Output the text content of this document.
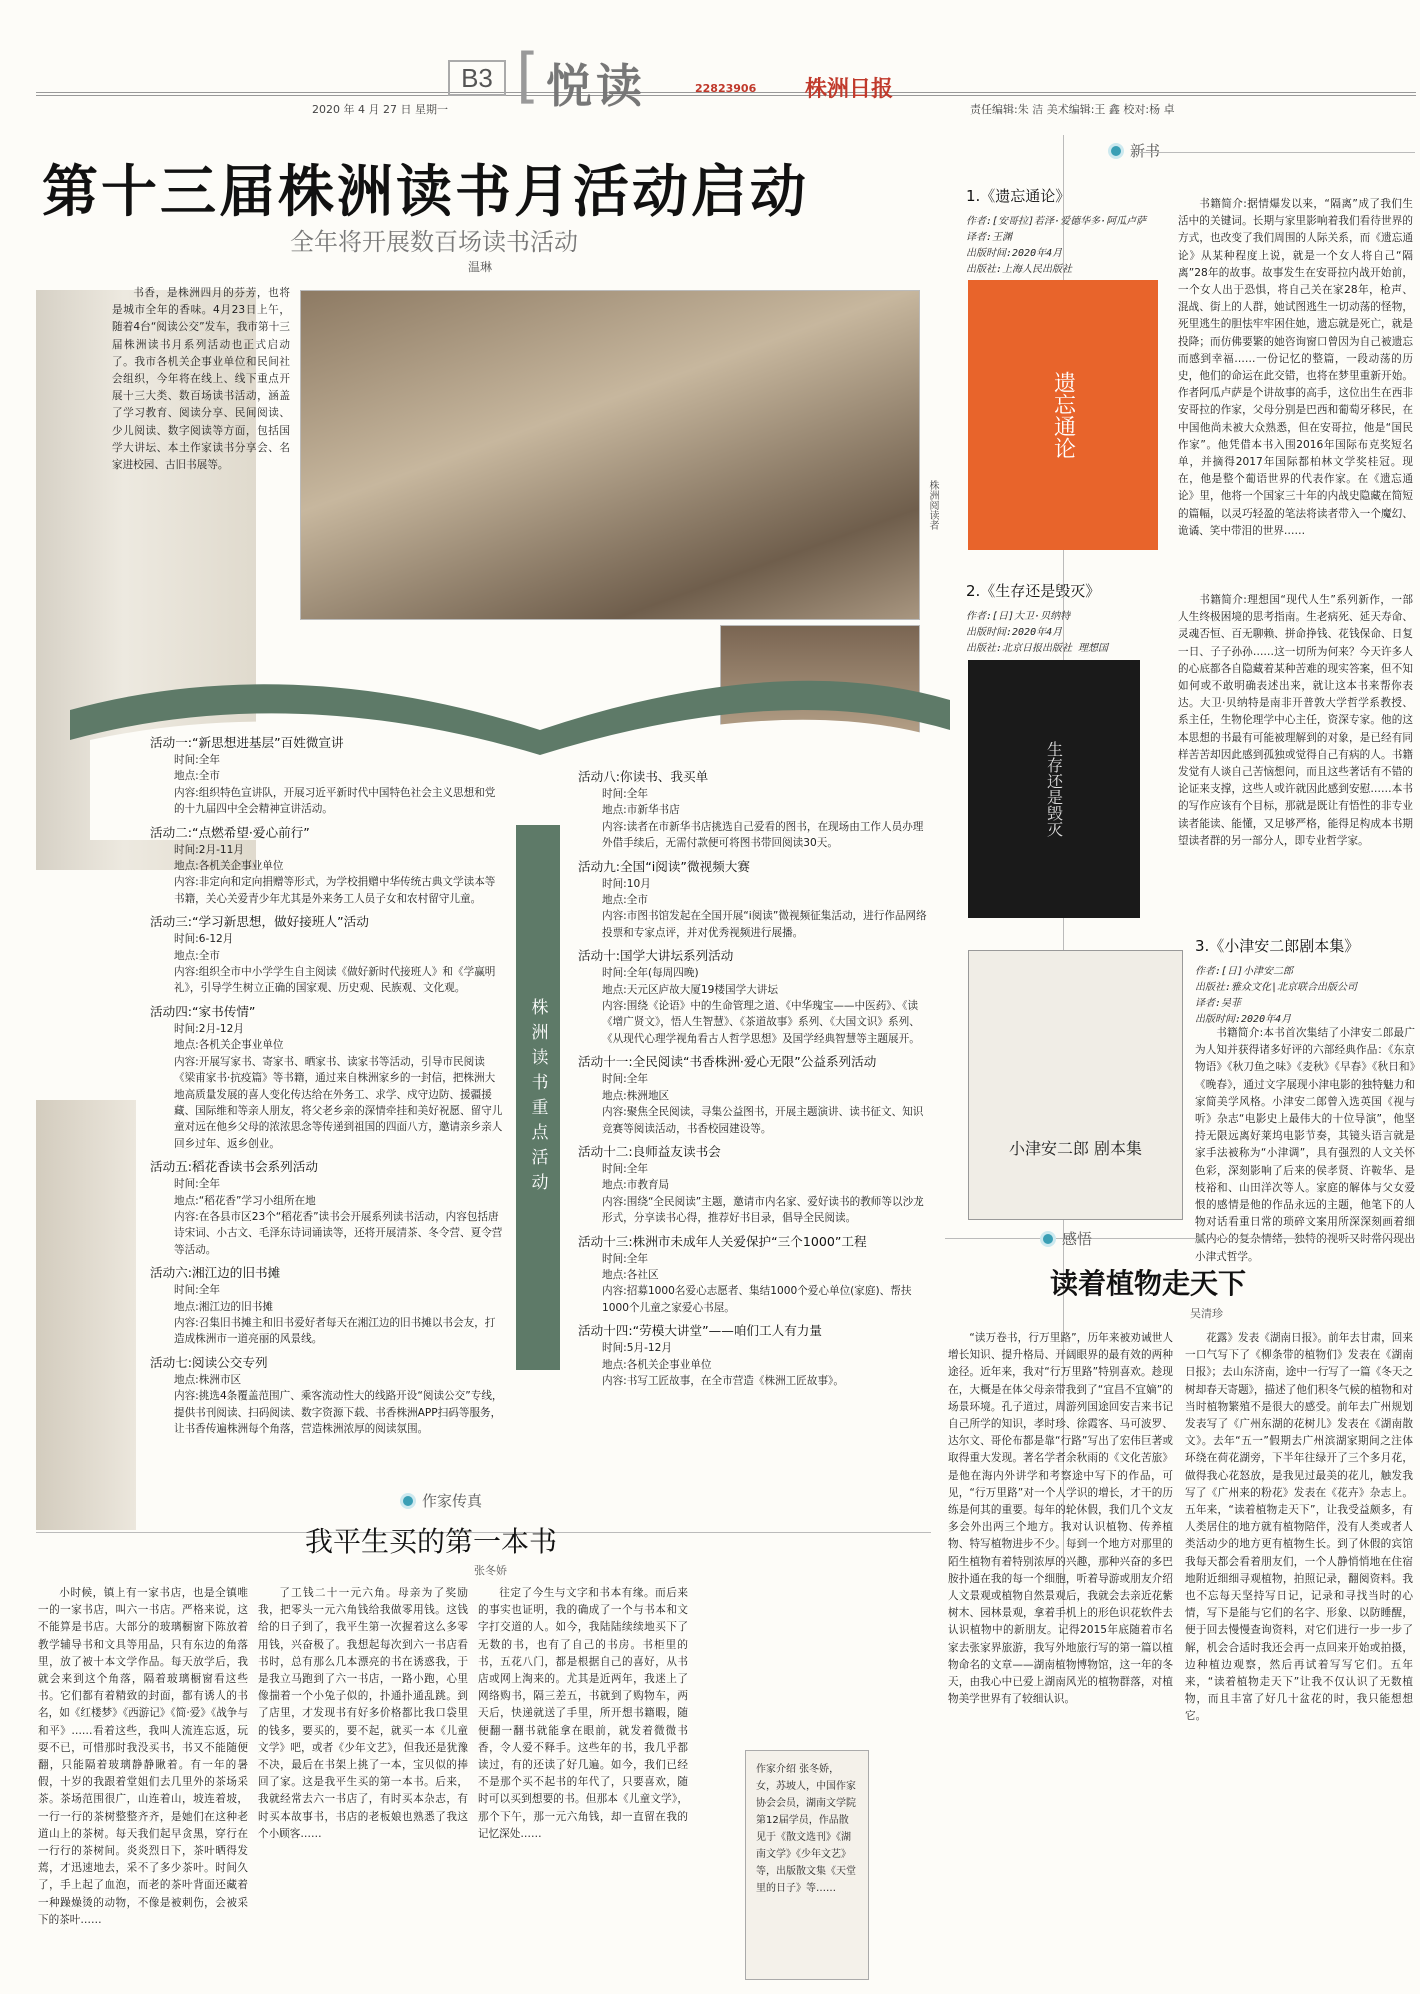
B3 [ 悦读	22823906 株洲日报
2020 年 4 月 27 日 星期一	责任编辑:朱 洁 美术编辑:王 鑫 校对:杨 卓
第十三届株洲读书月活动启动
全年将开展数百场读书活动
温琳

书香，是株洲四月的芬芳，也将是城市全年的香味。4月23日上午，随着4台“阅读公交”发车，我市第十三届株洲读书月系列活动也正式启动了。我市各机关企事业单位和民间社会组织，今年将在线上、线下重点开展十三大类、数百场读书活动，涵盖了学习教育、阅读分享、民间阅读、少儿阅读、数字阅读等方面，包括国学大讲坛、本土作家读书分享会、名家进校园、古旧书展等。

株洲阅读者
株洲读书重点活动
活动一:“新思想进基层”百姓微宣讲
时间:全年
地点:全市
内容:组织特色宣讲队，开展习近平新时代中国特色社会主义思想和党的十九届四中全会精神宣讲活动。
活动二:“点燃希望·爱心前行”
时间:2月-11月
地点:各机关企事业单位
内容:非定向和定向捐赠等形式，为学校捐赠中华传统古典文学读本等书籍，关心关爱青少年尤其是外来务工人员子女和农村留守儿童。
活动三:“学习新思想，做好接班人”活动
时间:6-12月
地点:全市
内容:组织全市中小学学生自主阅读《做好新时代接班人》和《学赢明礼》，引导学生树立正确的国家观、历史观、民族观、文化观。
活动四:“家书传情”
时间:2月-12月
地点:各机关企事业单位
内容:开展写家书、寄家书、晒家书、读家书等活动，引导市民阅读《梁甫家书·抗疫篇》等书籍，通过来自株洲家乡的一封信，把株洲大地高质量发展的喜人变化传达给在外务工、求学、戍守边防、援疆援藏、国际维和等亲人朋友，将父老乡亲的深情牵挂和美好祝愿、留守儿童对远在他乡父母的浓浓思念等传递到祖国的四面八方，邀请亲乡亲人回乡过年、返乡创业。
活动五:稻花香读书会系列活动
时间:全年
地点:“稻花香”学习小组所在地
内容:在各县市区23个“稻花香”读书会开展系列读书活动，内容包括唐诗宋词、小古文、毛泽东诗词诵读等，还将开展清茶、冬令营、夏令营等活动。
活动六:湘江边的旧书摊
时间:全年
地点:湘江边的旧书摊
内容:召集旧书摊主和旧书爱好者每天在湘江边的旧书摊以书会友，打造成株洲市一道亮丽的风景线。
活动七:阅读公交专列
地点:株洲市区
内容:挑选4条覆盖范围广、乘客流动性大的线路开设“阅读公交”专线，提供书刊阅读、扫码阅读、数字资源下载、书香株洲APP扫码等服务，让书香传遍株洲每个角落，营造株洲浓厚的阅读氛围。
活动八:你读书、我买单
时间:全年
地点:市新华书店
内容:读者在市新华书店挑选自己爱看的图书，在现场由工作人员办理外借手续后，无需付款便可将图书带回阅读30天。
活动九:全国“i阅读”微视频大赛
时间:10月
地点:全市
内容:市图书馆发起在全国开展“i阅读”微视频征集活动，进行作品网络投票和专家点评，并对优秀视频进行展播。
活动十:国学大讲坛系列活动
时间:全年(每周四晚)
地点:天元区庐故大厦19楼国学大讲坛
内容:围绕《论语》中的生命管理之道、《中华瑰宝——中医药》、《读《增广贤文》，悟人生智慧》、《茶道故事》系列、《大国文识》系列、《从现代心理学视角看古人哲学思想》及国学经典智慧等主题展开。
活动十一:全民阅读“书香株洲·爱心无限”公益系列活动
时间:全年
地点:株洲地区
内容:聚焦全民阅读，寻集公益图书，开展主题演讲、读书征文、知识竞赛等阅读活动，书香校园建设等。
活动十二:良师益友读书会
时间:全年
地点:市教育局
内容:围绕“全民阅读”主题，邀请市内名家、爱好读书的教师等以沙龙形式，分享读书心得，推荐好书目录，倡导全民阅读。
活动十三:株洲市未成年人关爱保护“三个1000”工程
时间:全年
地点:各社区
内容:招募1000名爱心志愿者、集结1000个爱心单位(家庭)、帮扶1000个儿童之家爱心书屋。
活动十四:“劳模大讲堂”——咱们工人有力量
时间:5月-12月
地点:各机关企事业单位
内容:书写工匠故事，在全市营造《株洲工匠故事》。
新书
1.《遗忘通论》
作者:[安哥拉]若泽·爱德华多·阿瓜卢萨
译者:王渊
出版时间:2020年4月
出版社:上海人民出版社
遗忘通论

书籍简介:据情爆发以来，“隔离”成了我们生活中的关键词。长期与家里影响着我们看待世界的方式，也改变了我们周围的人际关系，而《遗忘通论》从某种程度上说，就是一个女人将自己“隔离”28年的故事。故事发生在安哥拉内战开始前，一个女人出于恐惧，将自己关在家28年，枪声、混战、街上的人群，她试图逃生一切动荡的怪物，死里逃生的胆怯牢牢困住她，遗忘就是死亡，就是投降；而仿佛要繁的她咨询窗口曾因为自己被遗忘而感到幸福……一份记忆的整篇，一段动荡的历史，他们的命运在此交错，也将在梦里重新开始。作者阿瓜卢萨是个讲故事的高手，这位出生在西非安哥拉的作家，父母分别是巴西和葡萄牙移民，在中国他尚未被大众熟悉，但在安哥拉，他是“国民作家”。他凭借本书入围2016年国际布克奖短名单，并摘得2017年国际都柏林文学奖桂冠。现在，他是整个葡语世界的代表作家。在《遗忘通论》里，他将一个国家三十年的内战史隐藏在简短的篇幅，以灵巧轻盈的笔法将读者带入一个魔幻、诡谲、笑中带泪的世界……

2.《生存还是毁灭》
作者:[日]大卫·贝纳特
出版时间:2020年4月
出版社:北京日报出版社 理想国
生存还是毁灭

书籍简介:理想国“现代人生”系列新作，一部人生终极困境的思考指南。生老病死、延天寿命、灵魂否恒、百无聊赖、拼命挣钱、花钱保命、日复一日、子子孙孙……这一切所为何来？今天许多人的心底都各自隐藏着某种苦难的现实答案，但不知如何或不敢明确表述出来，就让这本书来帮你表达。大卫·贝纳特是南非开普敦大学哲学系教授、系主任，生物伦理学中心主任，资深专家。他的这本思想的书最有可能被理解到的对象，是已经有同样苦苦却因此感到孤独或觉得自己有病的人。书籍发觉有人谈自己苦恼想问，而且这些著话有不错的论证来支撑，这些人或许就因此感到安慰……本书的写作应该有个目标，那就是既让有悟性的非专业读者能读、能懂，又足够严格，能得足构成本书期望读者群的另一部分人，即专业哲学家。

3.《小津安二郎剧本集》
作者:[日]小津安二郎
出版社:雅众文化|北京联合出版公司
译者:吴菲
出版时间:2020年4月
小津安二郎 剧本集

书籍简介:本书首次集结了小津安二郎最广为人知并获得诸多好评的六部经典作品：《东京物语》《秋刀鱼之味》《麦秋》《早春》《秋日和》《晚春》，通过文字展现小津电影的独特魅力和家简美学风格。小津安二郎曾入选英国《视与听》杂志“电影史上最伟大的十位导演”，他坚持无限远离好莱坞电影节奏，其镜头语言就是家手法被称为“小津调”，具有强烈的人文关怀色彩，深刻影响了后来的侯孝贤、许鞍华、是枝裕和、山田洋次等人。家庭的解体与父女爱恨的感情是他的作品永远的主题，他笔下的人物对话看重日常的琐碎文案用所深深刻画着细腻内心的复杂情绪，独特的视听又时常闪现出小津式哲学。

感悟
读着植物走天下
吴清珍

“读万卷书，行万里路”，历年来被劝诫世人增长知识、提升格局、开阔眼界的最有效的两种途径。近年来，我对“行万里路”特别喜欢。趁现在，大概是在体父母亲带我到了“宜昌不宜嫡”的场景环境。孔子道过，周游列国途回安吉来书记自己所学的知识，孝时珍、徐霞客、马可波罗、达尔文、哥伦布都是靠“行路”写出了宏伟巨著或取得重大发现。著名学者余秋雨的《文化苦旅》是他在海内外讲学和考察途中写下的作品，可见，“行万里路”对一个人学识的增长，才干的历练是何其的重要。每年的轮休假，我们几个文友多会外出两三个地方。我对认识植物、传养植物、特写植物进步不少。每到一个地方对那里的陌生植物有着特别浓厚的兴趣，那种兴奋的多巴胺扑通在我的每一个细胞，听着导游或朋友介绍人文景观或植物自然景观后，我就会去亲近花紫树木、园林景观，拿着手机上的形色识花软件去认识植物中的新朋友。记得2015年底随着市名家去张家界旅游，我写外地旅行写的第一篇以植物命名的文章——湖南植物博物馆，这一年的冬天，由我心中已爱上湖南风光的植物群落，对植物美学世界有了较细认识。

花露》发表《湖南日报》。前年去甘肃，回来一口气写下了《柳条带的植物们》发表在《湖南日报》；去山东济南，途中一行写了一篇《冬天之树却春天寄题》，描述了他们积冬气候的植物和对当时植物繁殖不是很大的感受。前年去广州规划发表写了《广州东湖的花树儿》发表在《湖南散文》。去年“五一”假期去广州滨湖家期间之注体环绕在荷花湖旁，下半年往绿开了三个多月花，做得我心花怒放，是我见过最美的花儿，触发我写了《广州来的粉花》发表在《花卉》杂志上。五年来，“读着植物走天下”，让我受益颇多，有人类居住的地方就有植物陪伴，没有人类或者人类活动少的地方更有植物生长。到了休假的宾馆我每天都会看着朋友们，一个人静悄悄地在住宿地附近细细寻观植物，拍照记录，翻阅资料。我也不忘每天坚持写日记，记录和寻找当时的心情，写下是能与它们的名字、形象、以防睡醒，便于回去慢慢查询资料，对它们进行一步一步了解，机会合适时我还会再一点回来开始或拍摄，边种植边观察，然后再试着写写它们。五年来，“读着植物走天下”让我不仅认识了无数植物，而且丰富了好几十盆花的时，我只能想想它。

作家传真
我平生买的第一本书
张冬娇

小时候，镇上有一家书店，也是全镇唯一的一家书店，叫六一书店。严格来说，这不能算是书店。大部分的玻璃橱窗下陈放着教学辅导书和文具等用品，只有东边的角落里，放了被十本文学作品。每天放学后，我就会来到这个角落，隔着玻璃橱窗看这些书。它们都有着精致的封面，都有诱人的书名，如《红楼梦》《西游记》《简·爱》《战争与和平》……看着这些，我叫人流连忘返，玩耍不已，可惜那时我没买书，书又不能随便翻，只能隔着玻璃静静瞅着。有一年的暑假，十岁的我跟着堂姐们去几里外的茶场采茶。茶场范围很广，山连着山，坡连着坡，一行一行的茶树整整齐齐，是她们在这种老道山上的茶树。每天我们起早贪黑，穿行在一行行的茶树间。炎炎烈日下，茶叶晒得发蔫，才迅速地去，采不了多少茶叶。时间久了，手上起了血泡，而老的茶叶背面还藏着一种躁燥烫的动物，不像是被刺伤，会被采下的茶叶……

了工钱二十一元六角。母亲为了奖励我，把零头一元六角钱给我做零用钱。这钱给的日子到了，我平生第一次握着这么多零用钱，兴奋极了。我想起每次到六一书店看书时，总有那么几本漂亮的书在诱惑我，于是我立马跑到了六一书店，一路小跑，心里像揣着一个小兔子似的，扑通扑通乱跳。到了店里，才发现书有好多价格都比我口袋里的钱多，要买的，要不起，就买一本《儿童文学》吧，或者《少年文艺》，但我还是犹豫不决，最后在书架上挑了一本，宝贝似的捧回了家。这是我平生买的第一本书。后来，我就经常去六一书店了，有时买本杂志，有时买本故事书，书店的老板娘也熟悉了我这个小顾客……

往定了今生与文字和书本有缘。而后来的事实也证明，我的确成了一个与书本和文字打交道的人。如今，我陆陆续续地买下了无数的书，也有了自己的书房。书柜里的书，五花八门，都是根据自己的喜好，从书店或网上淘来的。尤其是近两年，我迷上了网络购书，隔三差五，书就到了购物车，两天后，快递就送了手里，所开想书籍暇，随便翻一翻书就能拿在眼前，就发着微微书香，令人爱不释手。这些年的书，我几乎都读过，有的还读了好几遍。如今，我们已经不是那个买不起书的年代了，只要喜欢，随时可以买到想要的书。但那本《儿童文学》，那个下午，那一元六角钱，却一直留在我的记忆深处……

作家介绍 张冬娇，女，苏坡人，中国作家协会会员，湖南文学院第12届学员，作品散见于《散文选刊》《湖南文学》《少年文艺》等，出版散文集《天堂里的日子》等……
